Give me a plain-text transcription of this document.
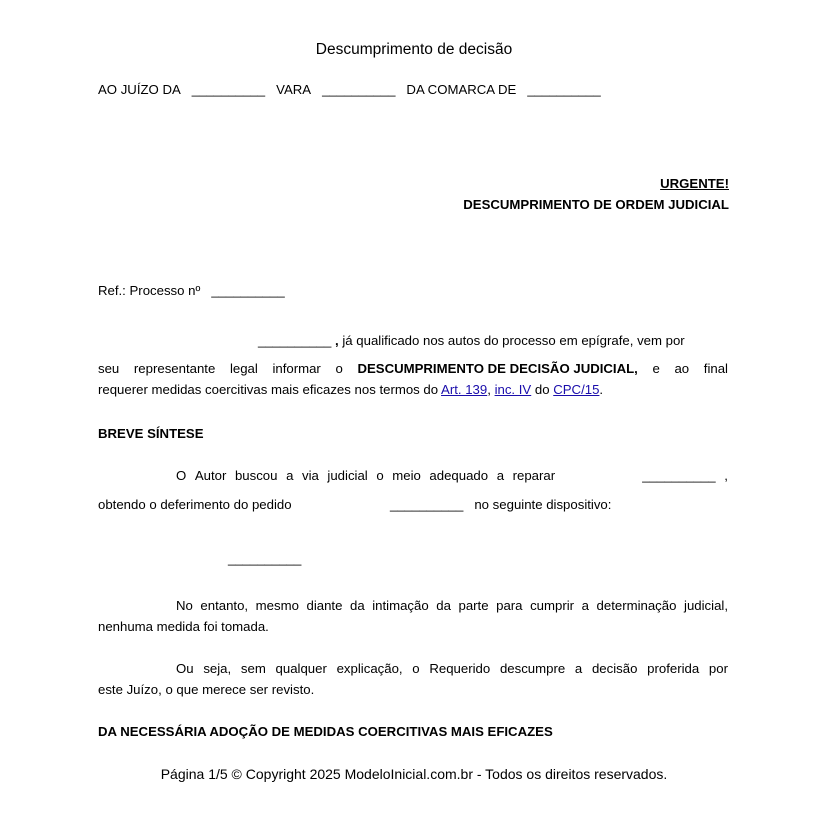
Descumprimento de decisão
AO JUÍZO DA __________ VARA __________ DA COMARCA DE __________
URGENTE!
DESCUMPRIMENTO DE ORDEM JUDICIAL
Ref.: Processo nº __________
__________ , já qualificado nos autos do processo em epígrafe, vem por
seu representante legal informar o DESCUMPRIMENTO DE DECISÃO JUDICIAL, e ao final
requerer medidas coercitivas mais eficazes nos termos do Art. 139, inc. IV do CPC/15.
BREVE SÍNTESE
O Autor buscou a via judicial o meio adequado a reparar	__________ ,
obtendo o deferimento do pedido	__________ no seguinte dispositivo:
__________
No entanto, mesmo diante da intimação da parte para cumprir a determinação judicial,
nenhuma medida foi tomada.
Ou seja, sem qualquer explicação, o Requerido descumpre a decisão proferida por
este Juízo, o que merece ser revisto.
DA NECESSÁRIA ADOÇÃO DE MEDIDAS COERCITIVAS MAIS EFICAZES
Página 1/5 © Copyright 2025 ModeloInicial.com.br - Todos os direitos reservados.
